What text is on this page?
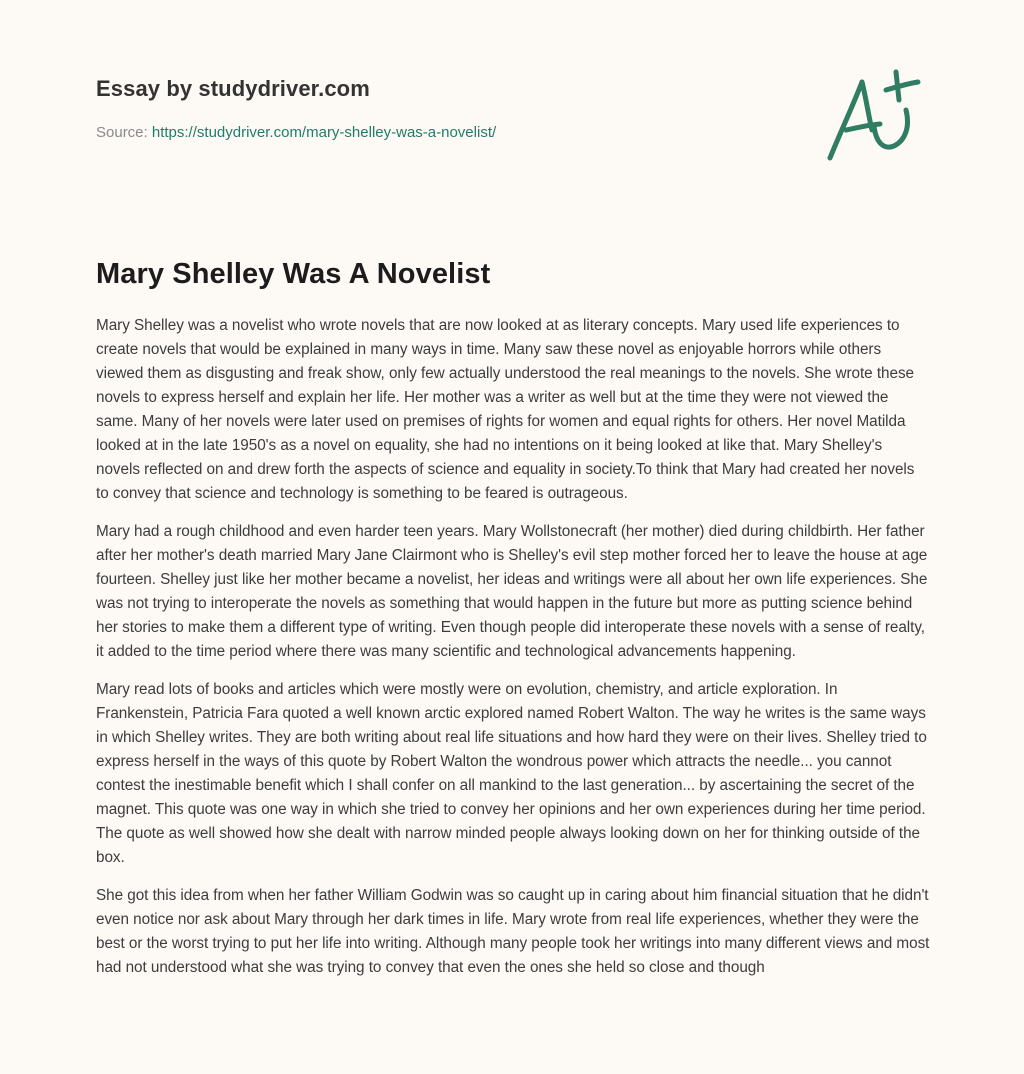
Essay by studydriver.com
Source: https://studydriver.com/mary-shelley-was-a-novelist/
Mary Shelley Was A Novelist

Mary Shelley was a novelist who wrote novels that are now looked at as literary concepts. Mary used life experiences to create novels that would be explained in many ways in time. Many saw these novel as enjoyable horrors while others viewed them as disgusting and freak show, only few actually understood the real meanings to the novels. She wrote these novels to express herself and explain her life. Her mother was a writer as well but at the time they were not viewed the same. Many of her novels were later used on premises of rights for women and equal rights for others. Her novel Matilda looked at in the late 1950's as a novel on equality, she had no intentions on it being looked at like that. Mary Shelley's novels reflected on and drew forth the aspects of science and equality in society.To think that Mary had created her novels to convey that science and technology is something to be feared is outrageous.

Mary had a rough childhood and even harder teen years. Mary Wollstonecraft (her mother) died during childbirth. Her father after her mother's death married Mary Jane Clairmont who is Shelley's evil step mother forced her to leave the house at age fourteen. Shelley just like her mother became a novelist, her ideas and writings were all about her own life experiences. She was not trying to interoperate the novels as something that would happen in the future but more as putting science behind her stories to make them a different type of writing. Even though people did interoperate these novels with a sense of realty, it added to the time period where there was many scientific and technological advancements happening.

Mary read lots of books and articles which were mostly were on evolution, chemistry, and article exploration. In Frankenstein, Patricia Fara quoted a well known arctic explored named Robert Walton. The way he writes is the same ways in which Shelley writes. They are both writing about real life situations and how hard they were on their lives. Shelley tried to express herself in the ways of this quote by Robert Walton the wondrous power which attracts the needle... you cannot contest the inestimable benefit which I shall confer on all mankind to the last generation... by ascertaining the secret of the magnet. This quote was one way in which she tried to convey her opinions and her own experiences during her time period. The quote as well showed how she dealt with narrow minded people always looking down on her for thinking outside of the box.

She got this idea from when her father William Godwin was so caught up in caring about him financial situation that he didn't even notice nor ask about Mary through her dark times in life. Mary wrote from real life experiences, whether they were the best or the worst trying to put her life into writing. Although many people took her writings into many different views and most had not understood what she was trying to convey that even the ones she held so close and though
